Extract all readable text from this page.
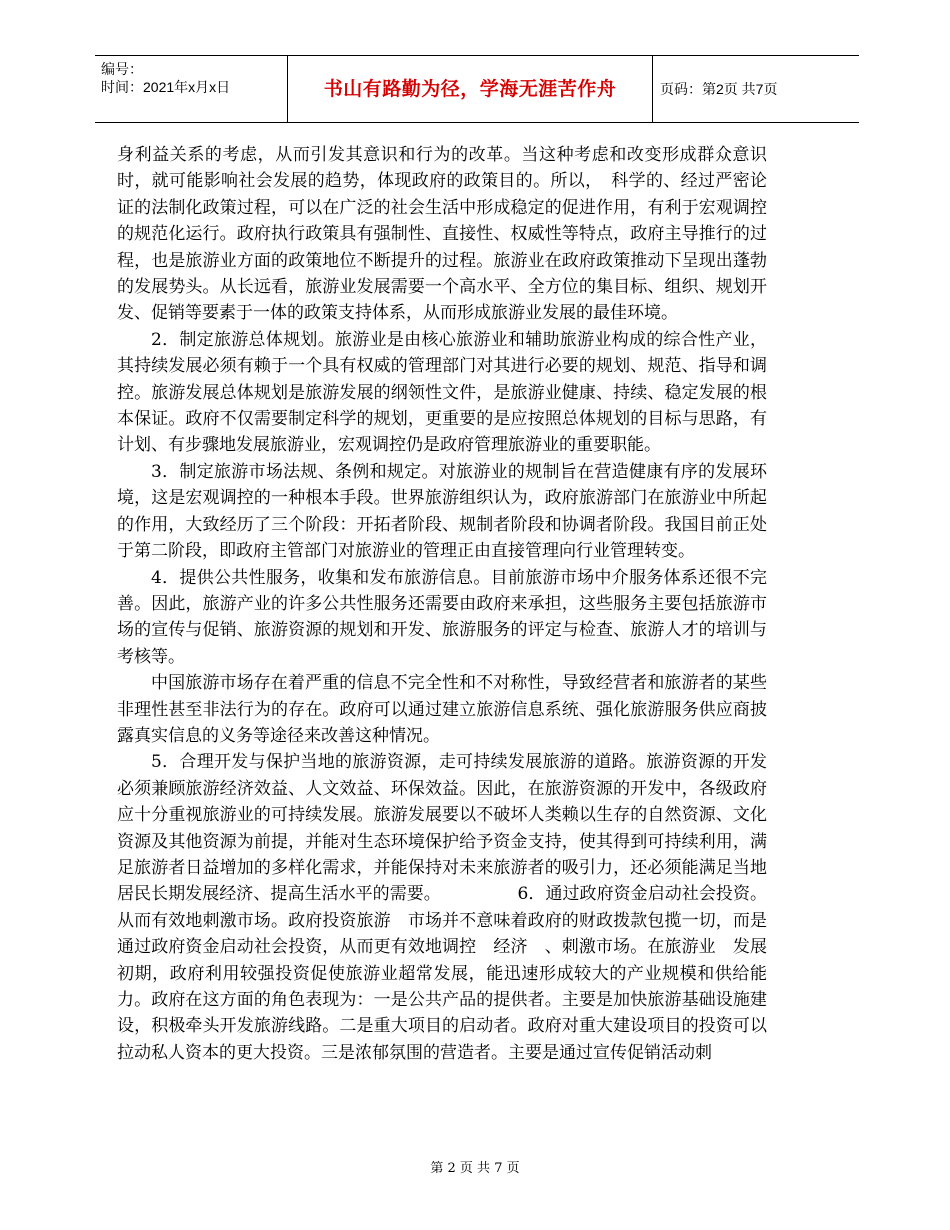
编号：
时间：2021年x月x日	书山有路勤为径，学海无涯苦作舟	页码：第2页 共7页

身利益关系的考虑，从而引发其意识和行为的改革。当这种考虑和改变形成群众意识时，就可能影响社会发展的趋势，体现政府的政策目的。所以，　科学的、经过严密论证的法制化政策过程，可以在广泛的社会生活中形成稳定的促进作用，有利于宏观调控的规范化运行。政府执行政策具有强制性、直接性、权威性等特点，政府主导推行的过程，也是旅游业方面的政策地位不断提升的过程。旅游业在政府政策推动下呈现出蓬勃的发展势头。从长远看，旅游业发展需要一个高水平、全方位的集目标、组织、规划开发、促销等要素于一体的政策支持体系，从而形成旅游业发展的最佳环境。

2．制定旅游总体规划。旅游业是由核心旅游业和辅助旅游业构成的综合性产业，其持续发展必须有赖于一个具有权威的管理部门对其进行必要的规划、规范、指导和调控。旅游发展总体规划是旅游发展的纲领性文件，是旅游业健康、持续、稳定发展的根本保证。政府不仅需要制定科学的规划，更重要的是应按照总体规划的目标与思路，有计划、有步骤地发展旅游业，宏观调控仍是政府管理旅游业的重要职能。

3．制定旅游市场法规、条例和规定。对旅游业的规制旨在营造健康有序的发展环境，这是宏观调控的一种根本手段。世界旅游组织认为，政府旅游部门在旅游业中所起的作用，大致经历了三个阶段：开拓者阶段、规制者阶段和协调者阶段。我国目前正处于第二阶段，即政府主管部门对旅游业的管理正由直接管理向行业管理转变。

4．提供公共性服务，收集和发布旅游信息。目前旅游市场中介服务体系还很不完善。因此，旅游产业的许多公共性服务还需要由政府来承担，这些服务主要包括旅游市场的宣传与促销、旅游资源的规划和开发、旅游服务的评定与检查、旅游人才的培训与考核等。

中国旅游市场存在着严重的信息不完全性和不对称性，导致经营者和旅游者的某些非理性甚至非法行为的存在。政府可以通过建立旅游信息系统、强化旅游服务供应商披露真实信息的义务等途径来改善这种情况。

5．合理开发与保护当地的旅游资源，走可持续发展旅游的道路。旅游资源的开发必须兼顾旅游经济效益、人文效益、环保效益。因此，在旅游资源的开发中，各级政府应十分重视旅游业的可持续发展。旅游发展要以不破坏人类赖以生存的自然资源、文化资源及其他资源为前提，并能对生态环境保护给予资金支持，使其得到可持续利用，满足旅游者日益增加的多样化需求，并能保持对未来旅游者的吸引力，还必须能满足当地居民长期发展经济、提高生活水平的需要。　　　　　6．通过政府资金启动社会投资。从而有效地刺激市场。政府投资旅游　市场并不意味着政府的财政拨款包揽一切，而是通过政府资金启动社会投资，从而更有效地调控　经济　、刺激市场。在旅游业　发展　初期，政府利用较强投资促使旅游业超常发展，能迅速形成较大的产业规模和供给能力。政府在这方面的角色表现为：一是公共产品的提供者。主要是加快旅游基础设施建设，积极牵头开发旅游线路。二是重大项目的启动者。政府对重大建设项目的投资可以拉动私人资本的更大投资。三是浓郁氛围的营造者。主要是通过宣传促销活动刺

第 2 页 共 7 页
